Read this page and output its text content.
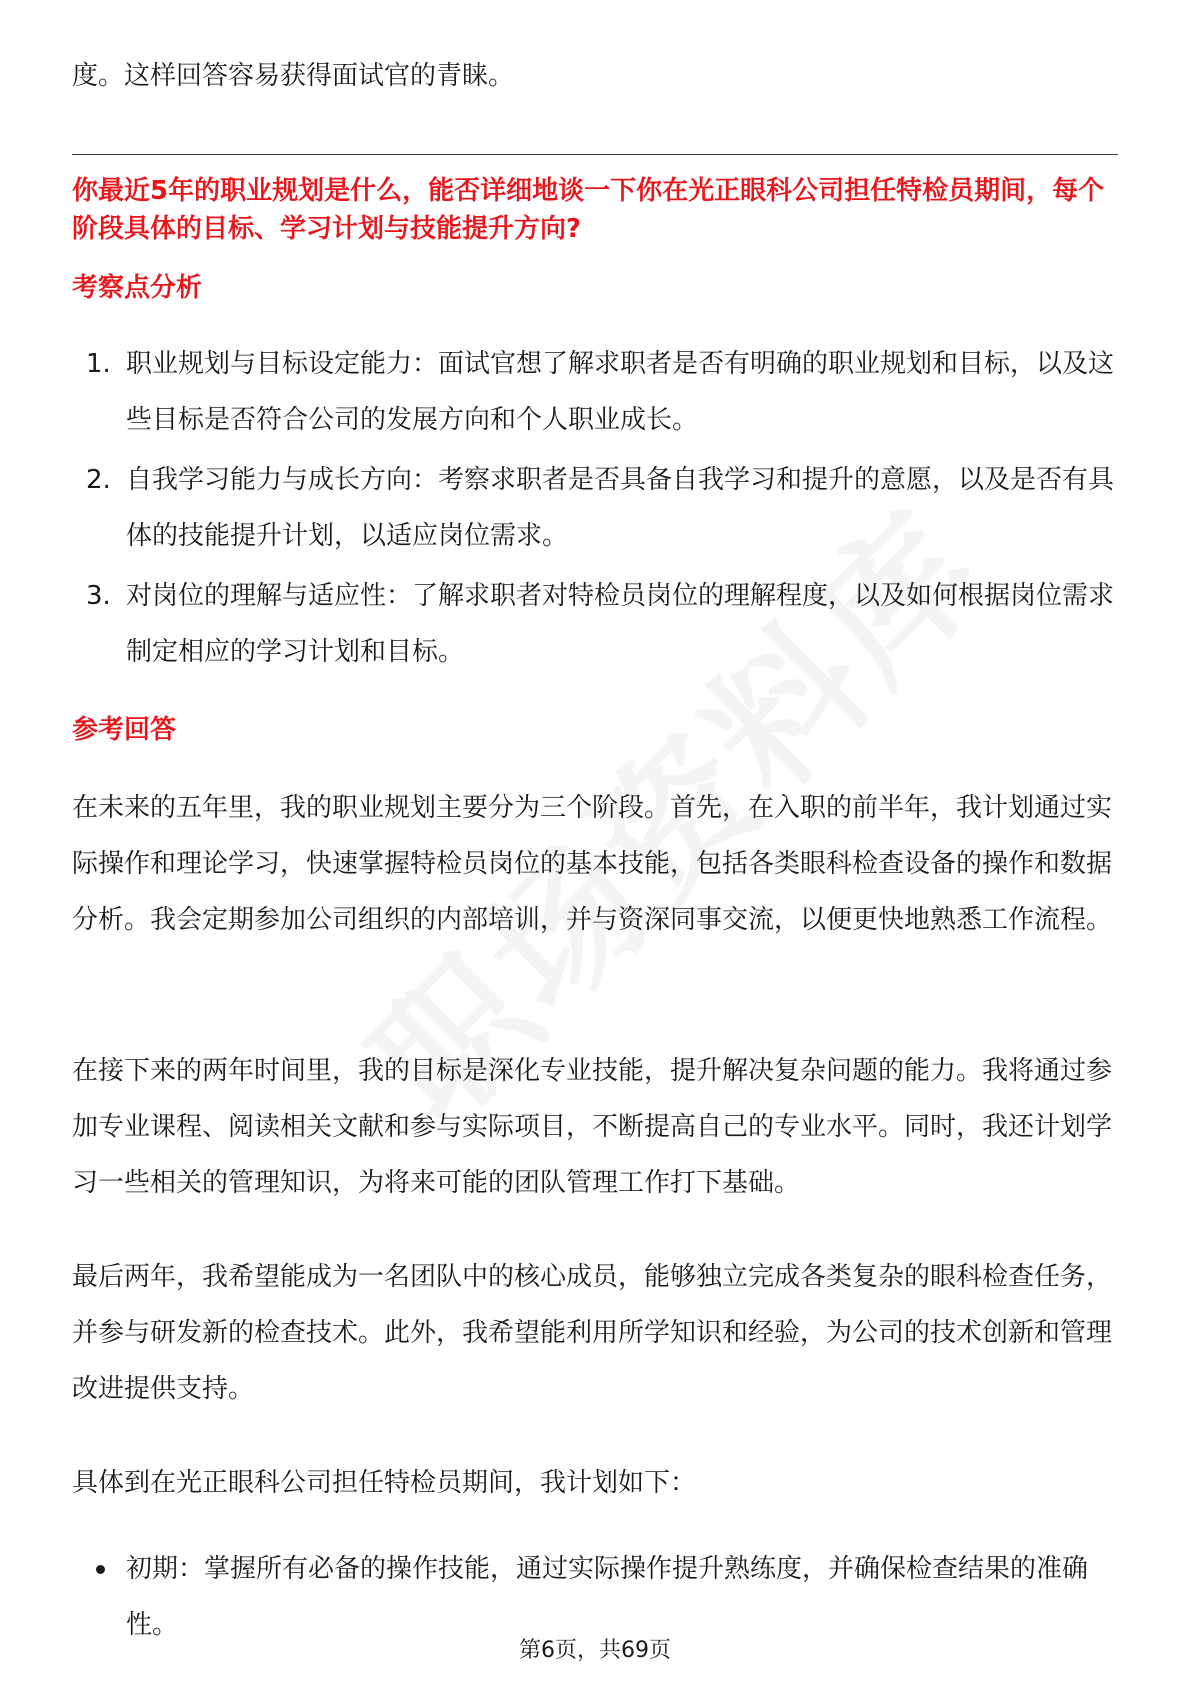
度。这样回答容易获得面试官的青睐。

你最近5年的职业规划是什么，能否详细地谈一下你在光正眼科公司担任特检员期间，每个阶段具体的目标、学习计划与技能提升方向?

考察点分析

1. 职业规划与目标设定能力：面试官想了解求职者是否有明确的职业规划和目标，以及这些目标是否符合公司的发展方向和个人职业成长。
2. 自我学习能力与成长方向：考察求职者是否具备自我学习和提升的意愿，以及是否有具体的技能提升计划，以适应岗位需求。
3. 对岗位的理解与适应性：了解求职者对特检员岗位的理解程度，以及如何根据岗位需求制定相应的学习计划和目标。

参考回答

在未来的五年里，我的职业规划主要分为三个阶段。首先，在入职的前半年，我计划通过实际操作和理论学习，快速掌握特检员岗位的基本技能，包括各类眼科检查设备的操作和数据分析。我会定期参加公司组织的内部培训，并与资深同事交流，以便更快地熟悉工作流程。

在接下来的两年时间里，我的目标是深化专业技能，提升解决复杂问题的能力。我将通过参加专业课程、阅读相关文献和参与实际项目，不断提高自己的专业水平。同时，我还计划学习一些相关的管理知识，为将来可能的团队管理工作打下基础。

最后两年，我希望能成为一名团队中的核心成员，能够独立完成各类复杂的眼科检查任务，并参与研发新的检查技术。此外，我希望能利用所学知识和经验，为公司的技术创新和管理改进提供支持。

具体到在光正眼科公司担任特检员期间，我计划如下：

初期：掌握所有必备的操作技能，通过实际操作提升熟练度，并确保检查结果的准确性。
第6页，共69页
